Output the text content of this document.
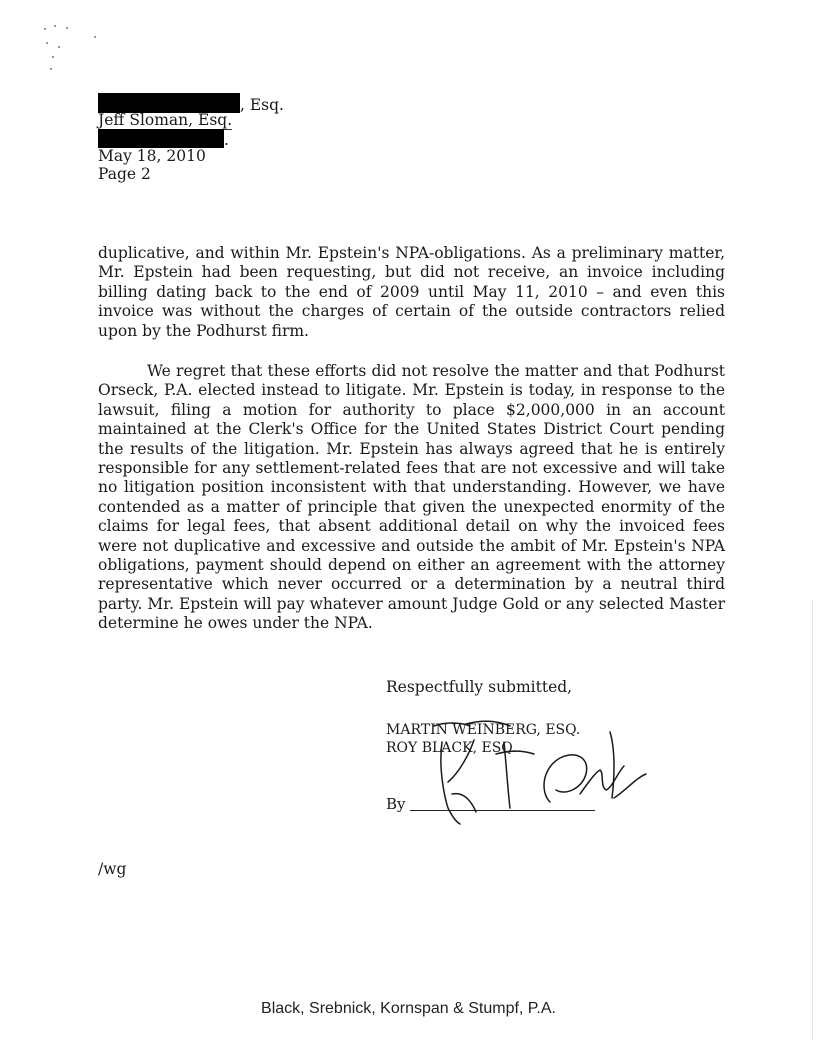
, Esq.
Jeff Sloman, Esq.
.
May 18, 2010
Page 2

duplicative, and within Mr. Epstein's NPA-obligations. As a preliminary matter, Mr. Epstein had been requesting, but did not receive, an invoice including billing dating back to the end of 2009 until May 11, 2010 – and even this invoice was without the charges of certain of the outside contractors relied upon by the Podhurst firm.

We regret that these efforts did not resolve the matter and that Podhurst Orseck, P.A. elected instead to litigate. Mr. Epstein is today, in response to the lawsuit, filing a motion for authority to place $2,000,000 in an account maintained at the Clerk's Office for the United States District Court pending the results of the litigation. Mr. Epstein has always agreed that he is entirely responsible for any settlement-related fees that are not excessive and will take no litigation position inconsistent with that understanding. However, we have contended as a matter of principle that given the unexpected enormity of the claims for legal fees, that absent additional detail on why the invoiced fees were not duplicative and excessive and outside the ambit of Mr. Epstein's NPA obligations, payment should depend on either an agreement with the attorney representative which never occurred or a determination by a neutral third party. Mr. Epstein will pay whatever amount Judge Gold or any selected Master determine he owes under the NPA.

Respectfully submitted,
MARTIN WEINBERG, ESQ.
ROY BLACK, ESQ.
By
/wg
Black, Srebnick, Kornspan & Stumpf, P.A.
